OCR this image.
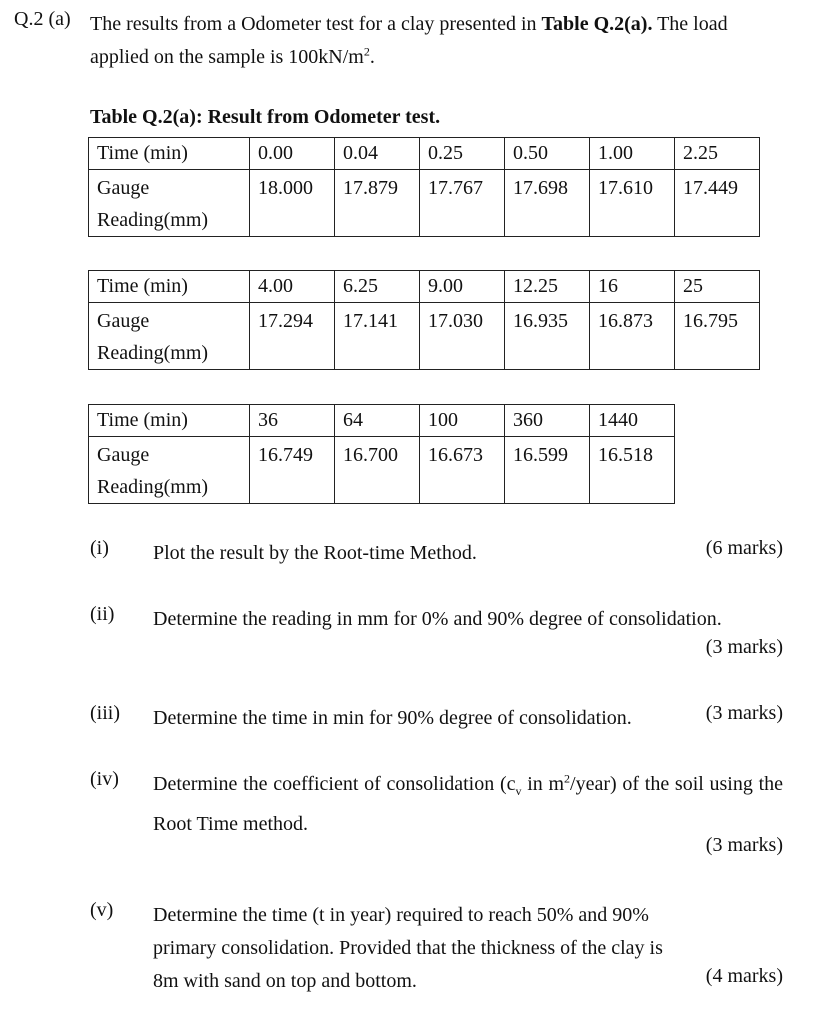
Q.2 (a) The results from a Odometer test for a clay presented in Table Q.2(a). The load applied on the sample is $100kN/m^2$.
Table Q.2(a): Result from Odometer test.
Time (min)	0.00	0.04	0.25	0.50	1.00	2.25
Gauge
Reading(mm)	18.000	17.879	17.767	17.698	17.610	17.449
Time (min)	4.00	6.25	9.00	12.25	16	25
Gauge
Reading(mm)	17.294	17.141	17.030	16.935	16.873	16.795
Time (min)	36	64	100	360	1440
Gauge
Reading(mm)	16.749	16.700	16.673	16.599	16.518
(i) Plot the result by the Root-time Method.	(6 marks)
(ii) Determine the reading in mm for 0% and 90% degree of consolidation.
(3 marks)
(iii) Determine the time in min for 90% degree of consolidation.	(3 marks)
(iv) Determine the coefficient of consolidation ($c_v$ in $m^2/year$) of the soil using the Root Time method.
(3 marks)
(v) Determine the time (t in year) required to reach 50% and 90% primary consolidation. Provided that the thickness of the clay is 8m with sand on top and bottom.	(4 marks)
